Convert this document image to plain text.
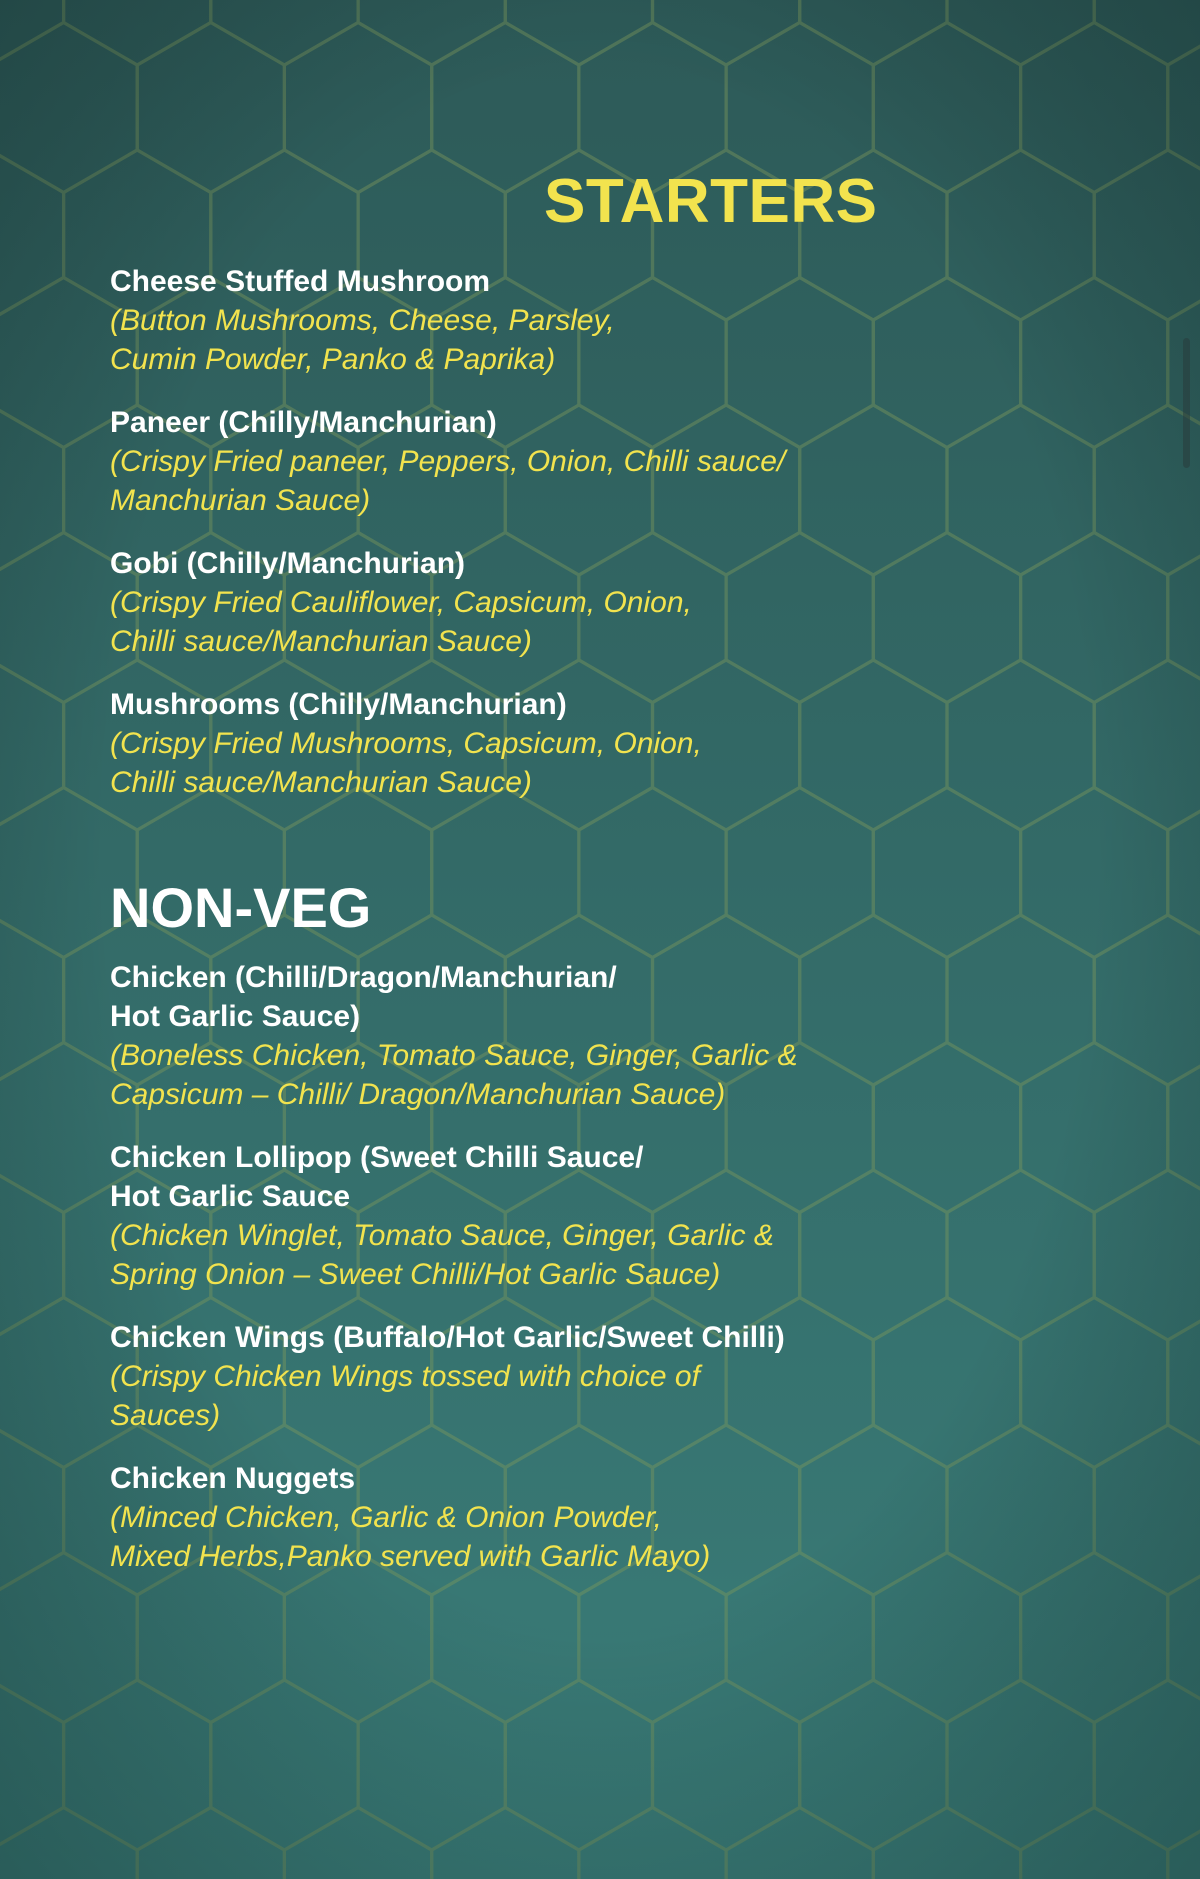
STARTERS
Cheese Stuffed Mushroom
(Button Mushrooms, Cheese, Parsley,
Cumin Powder, Panko & Paprika)
Paneer (Chilly/Manchurian)
(Crispy Fried paneer, Peppers, Onion, Chilli sauce/
Manchurian Sauce)
Gobi (Chilly/Manchurian)
(Crispy Fried Cauliflower, Capsicum, Onion,
Chilli sauce/Manchurian Sauce)
Mushrooms (Chilly/Manchurian)
(Crispy Fried Mushrooms, Capsicum, Onion,
Chilli sauce/Manchurian Sauce)
NON-VEG
Chicken (Chilli/Dragon/Manchurian/
Hot Garlic Sauce)
(Boneless Chicken, Tomato Sauce, Ginger, Garlic &
Capsicum – Chilli/ Dragon/Manchurian Sauce)
Chicken Lollipop (Sweet Chilli Sauce/
Hot Garlic Sauce
(Chicken Winglet, Tomato Sauce, Ginger, Garlic &
Spring Onion – Sweet Chilli/Hot Garlic Sauce)
Chicken Wings (Buffalo/Hot Garlic/Sweet Chilli)
(Crispy Chicken Wings tossed with choice of
Sauces)
Chicken Nuggets
(Minced Chicken, Garlic & Onion Powder,
Mixed Herbs,Panko served with Garlic Mayo)
